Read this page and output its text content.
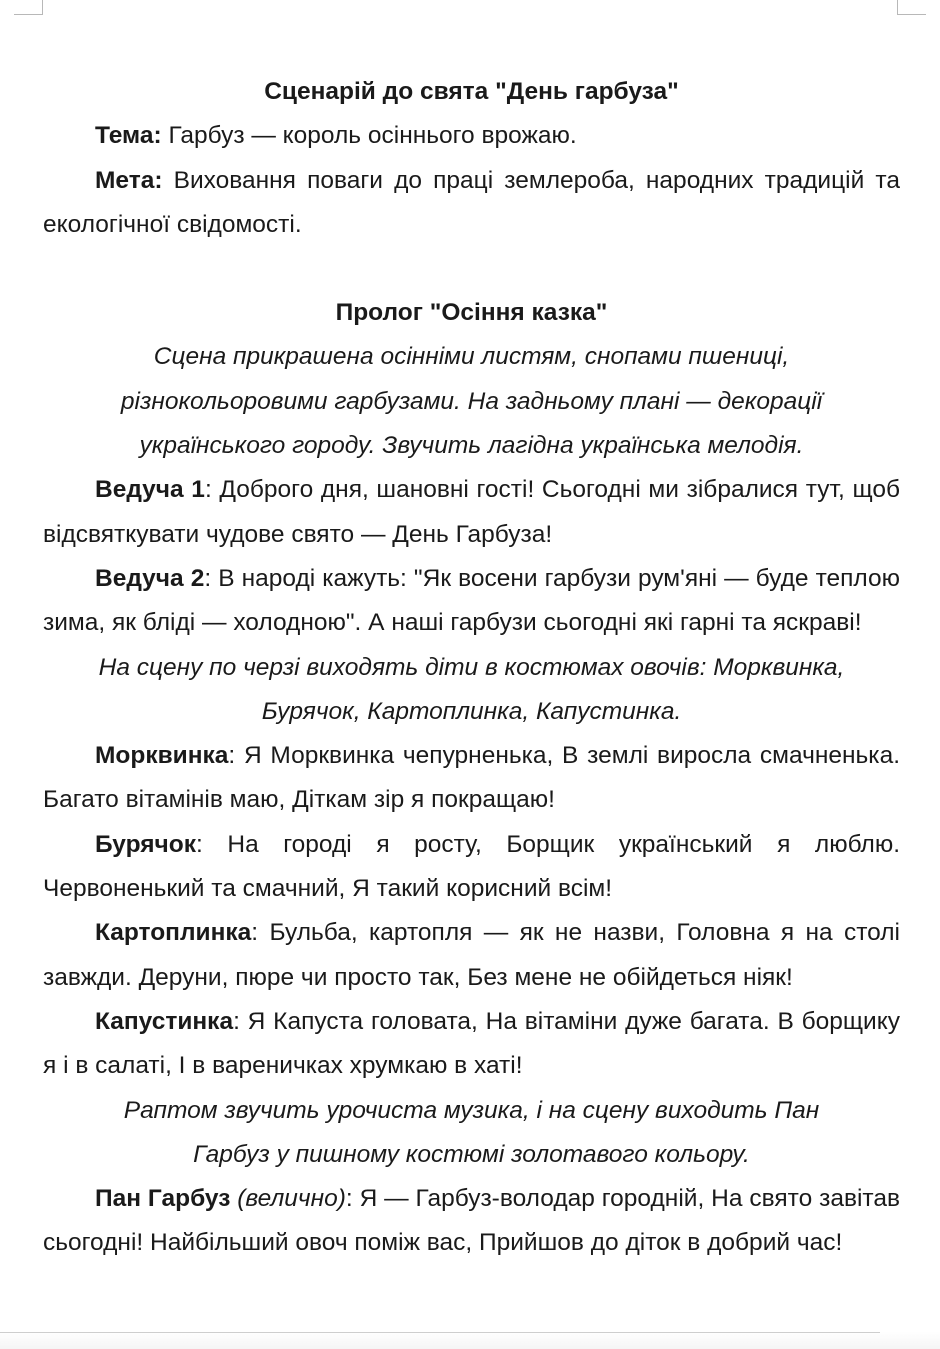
Сценарій до свята "День гарбуза"

Тема: Гарбуз — король осіннього врожаю.

Мета: Виховання поваги до праці землероба, народних традицій та екологічної свідомості.

Пролог "Осіння казка"

Сцена прикрашена осінніми листям, снопами пшениці, різнокольоровими гарбузами. На задньому плані — декорації українського городу. Звучить лагідна українська мелодія.

Ведуча 1: Доброго дня, шановні гості! Сьогодні ми зібралися тут, щоб відсвяткувати чудове свято — День Гарбуза!

Ведуча 2: В народі кажуть: "Як восени гарбузи рум'яні — буде теплою зима, як бліді — холодною". А наші гарбузи сьогодні які гарні та яскраві!

На сцену по черзі виходять діти в костюмах овочів: Морквинка, Бурячок, Картоплинка, Капустинка.

Морквинка: Я Морквинка чепурненька, В землі виросла смачненька. Багато вітамінів маю, Діткам зір я покращаю!

Бурячок: На городі я росту, Борщик український я люблю. Червоненький та смачний, Я такий корисний всім!

Картоплинка: Бульба, картопля — як не назви, Головна я на столі завжди. Деруни, пюре чи просто так, Без мене не обійдеться ніяк!

Капустинка: Я Капуста головата, На вітаміни дуже багата. В борщику я і в салаті, І в вареничках хрумкаю в хаті!

Раптом звучить урочиста музика, і на сцену виходить Пан Гарбуз у пишному костюмі золотавого кольору.

Пан Гарбуз (величнo): Я — Гарбуз-володар городній, На свято завітав сьогодні! Найбільший овоч поміж вас, Прийшов до діток в добрий час!
